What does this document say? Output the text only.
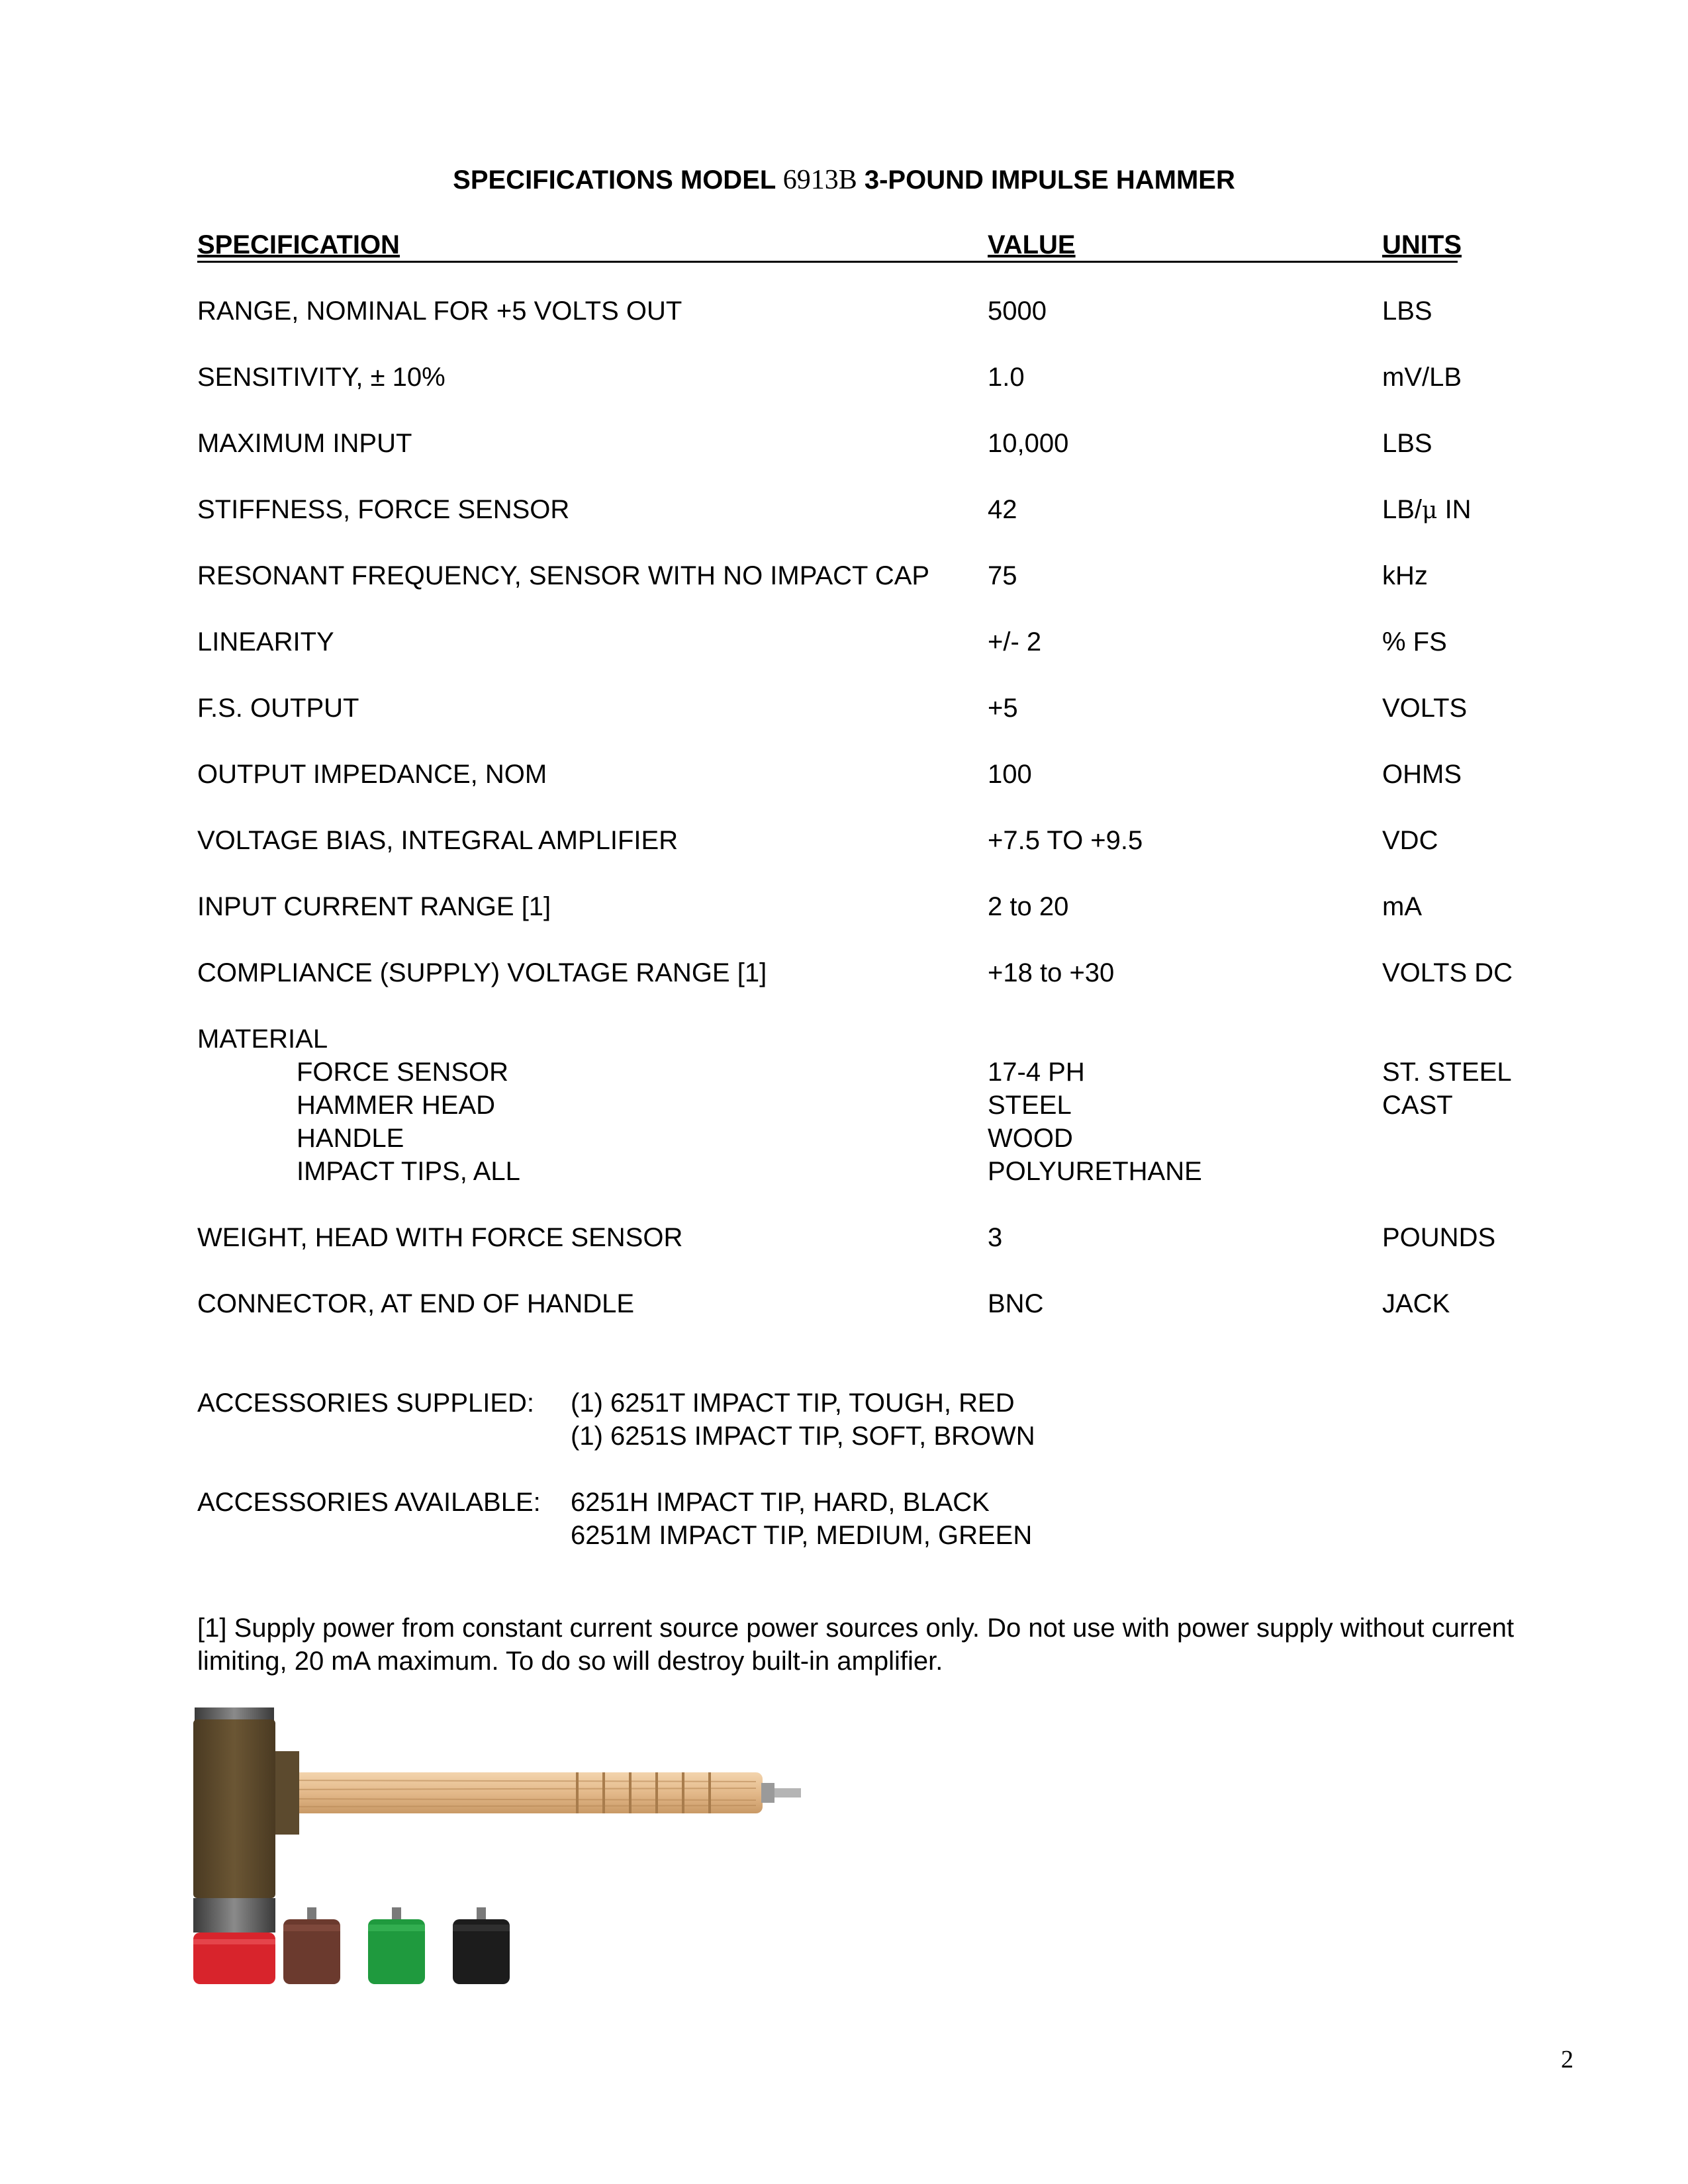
SPECIFICATIONS MODEL 6913B 3-POUND IMPULSE HAMMER
SPECIFICATION	VALUE	UNITS
RANGE, NOMINAL FOR +5 VOLTS OUT	5000	LBS
SENSITIVITY, ± 10%	1.0	mV/LB
MAXIMUM INPUT	10,000	LBS
STIFFNESS, FORCE SENSOR	42	LB/μ IN
RESONANT FREQUENCY, SENSOR WITH NO IMPACT CAP 75	kHz
LINEARITY	+/- 2	% FS
F.S. OUTPUT	+5	VOLTS
OUTPUT IMPEDANCE, NOM	100	OHMS
VOLTAGE BIAS, INTEGRAL AMPLIFIER	+7.5 TO +9.5	VDC
INPUT CURRENT RANGE [1]	2 to 20	mA
COMPLIANCE (SUPPLY) VOLTAGE RANGE [1]	+18 to +30	VOLTS DC
MATERIAL
FORCE SENSOR	17-4 PH	ST. STEEL
HAMMER HEAD	STEEL	CAST
HANDLE	WOOD
IMPACT TIPS, ALL	POLYURETHANE
WEIGHT, HEAD WITH FORCE SENSOR	3	POUNDS
CONNECTOR, AT END OF HANDLE	BNC	JACK
ACCESSORIES SUPPLIED: (1) 6251T IMPACT TIP, TOUGH, RED
(1) 6251S IMPACT TIP, SOFT, BROWN
ACCESSORIES AVAILABLE: 6251H IMPACT TIP, HARD, BLACK
6251M IMPACT TIP, MEDIUM, GREEN
[1] Supply power from constant current source power sources only. Do not use with power supply without current limiting, 20 mA maximum. To do so will destroy built-in amplifier.
2
